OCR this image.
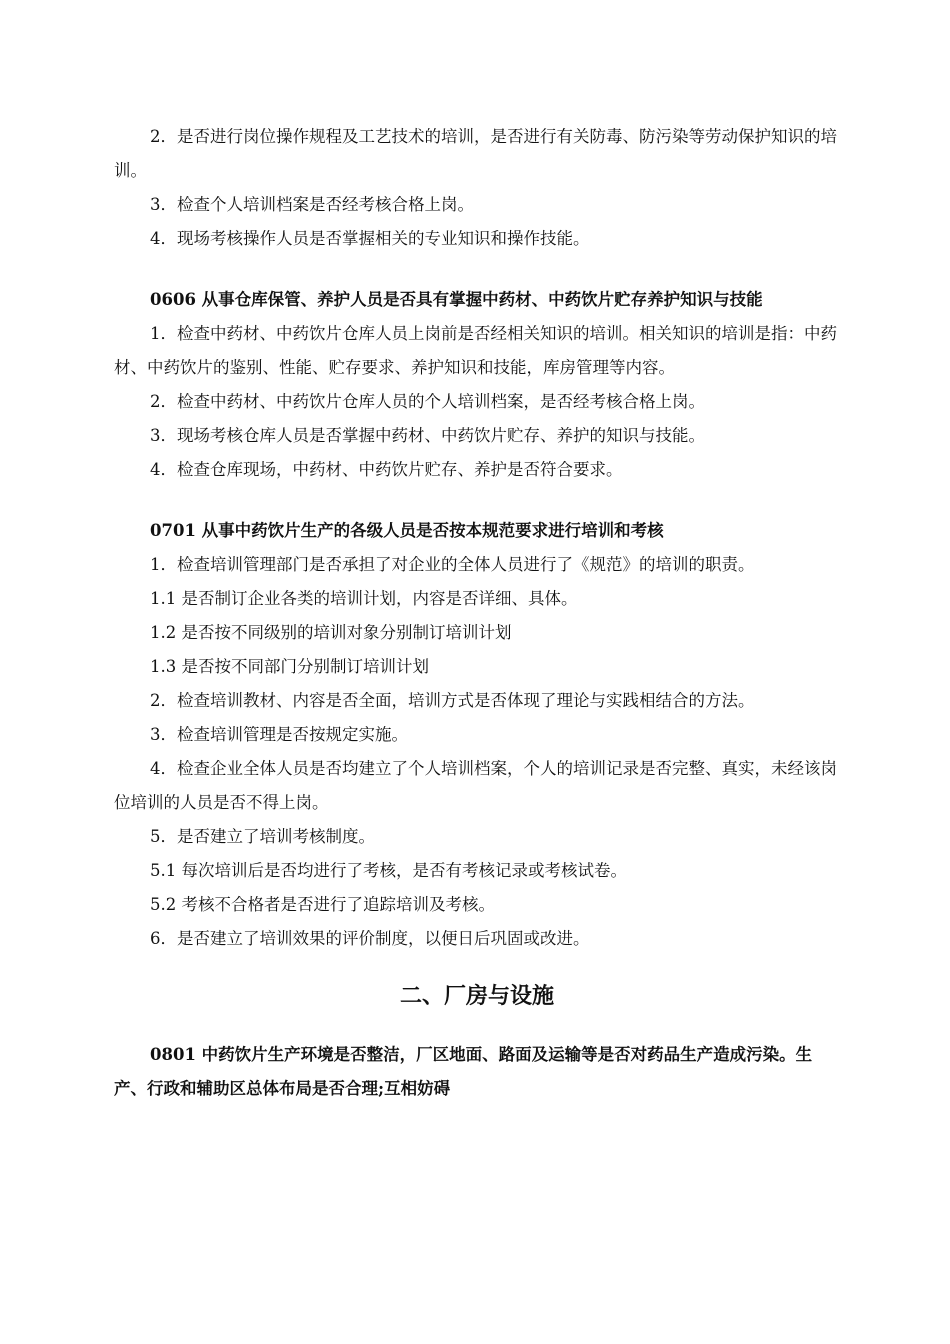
2．是否进行岗位操作规程及工艺技术的培训，是否进行有关防毒、防污染等劳动保护知识的培训。

3．检查个人培训档案是否经考核合格上岗。

4．现场考核操作人员是否掌握相关的专业知识和操作技能。

0606 从事仓库保管、养护人员是否具有掌握中药材、中药饮片贮存养护知识与技能

1．检查中药材、中药饮片仓库人员上岗前是否经相关知识的培训。相关知识的培训是指：中药材、中药饮片的鉴别、性能、贮存要求、养护知识和技能，库房管理等内容。

2．检查中药材、中药饮片仓库人员的个人培训档案，是否经考核合格上岗。

3．现场考核仓库人员是否掌握中药材、中药饮片贮存、养护的知识与技能。

4．检查仓库现场，中药材、中药饮片贮存、养护是否符合要求。

0701 从事中药饮片生产的各级人员是否按本规范要求进行培训和考核

1．检查培训管理部门是否承担了对企业的全体人员进行了《规范》的培训的职责。

1.1 是否制订企业各类的培训计划，内容是否详细、具体。

1.2 是否按不同级别的培训对象分别制订培训计划

1.3 是否按不同部门分别制订培训计划

2．检查培训教材、内容是否全面，培训方式是否体现了理论与实践相结合的方法。

3．检查培训管理是否按规定实施。

4．检查企业全体人员是否均建立了个人培训档案，个人的培训记录是否完整、真实，未经该岗位培训的人员是否不得上岗。

5．是否建立了培训考核制度。

5.1 每次培训后是否均进行了考核，是否有考核记录或考核试卷。

5.2 考核不合格者是否进行了追踪培训及考核。

6．是否建立了培训效果的评价制度，以便日后巩固或改进。

二、厂房与设施

0801 中药饮片生产环境是否整洁，厂区地面、路面及运输等是否对药品生产造成污染。生产、行政和辅助区总体布局是否合理;互相妨碍
